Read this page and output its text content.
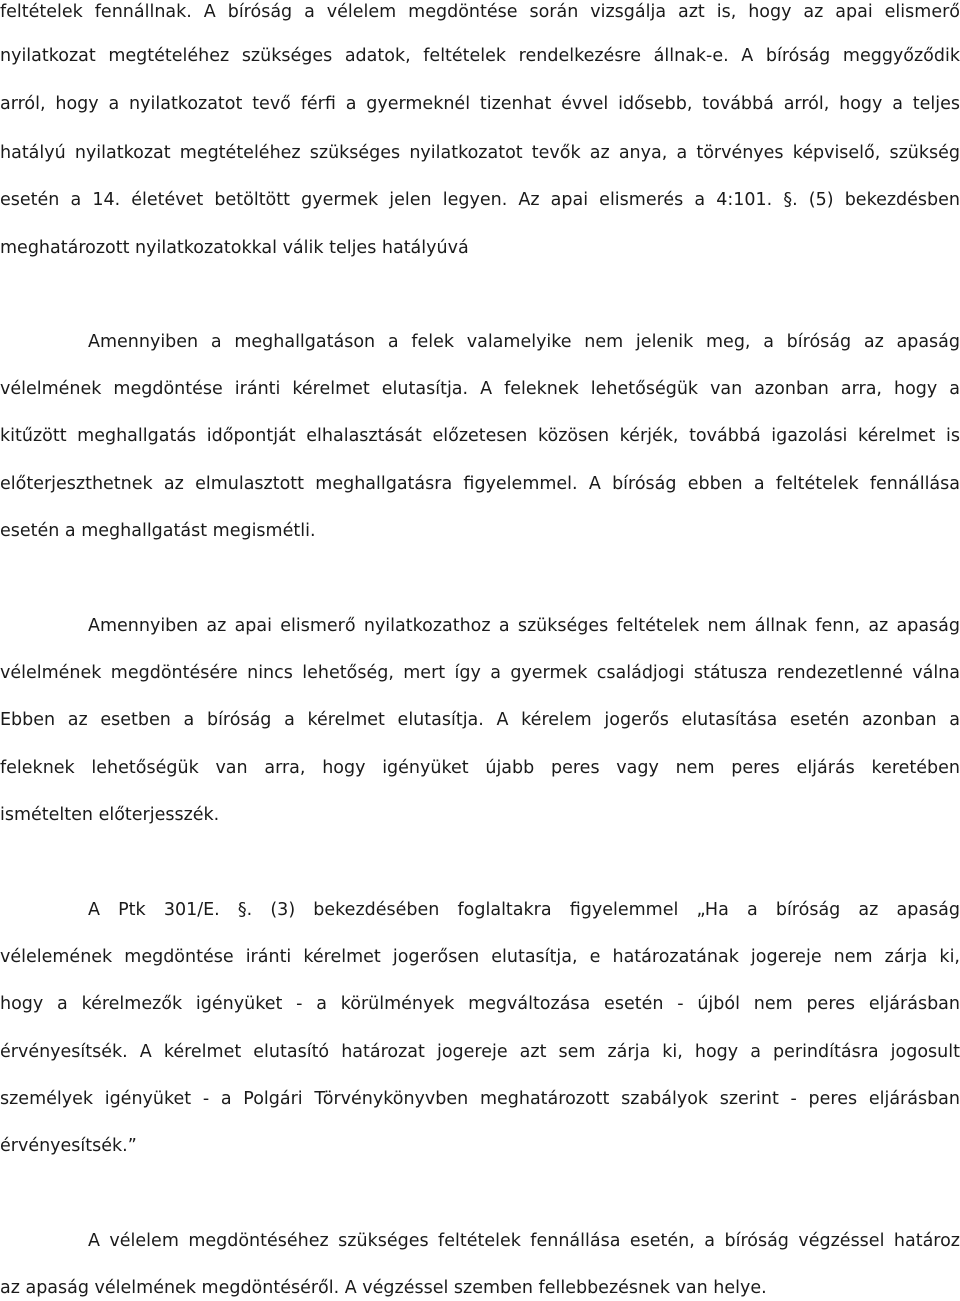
feltételek fennállnak. A bíróság a vélelem megdöntése során vizsgálja azt is, hogy az apai elismerő
nyilatkozat megtételéhez szükséges adatok, feltételek rendelkezésre állnak-e. A bíróság meggyőződik
arról, hogy a nyilatkozatot tevő férfi a gyermeknél tizenhat évvel idősebb, továbbá arról, hogy a teljes
hatályú nyilatkozat megtételéhez szükséges nyilatkozatot tevők az anya, a törvényes képviselő, szükség
esetén a 14. életévet betöltött gyermek jelen legyen. Az apai elismerés a 4:101. §. (5) bekezdésben
meghatározott nyilatkozatokkal válik teljes hatályúvá
Amennyiben a meghallgatáson a felek valamelyike nem jelenik meg, a bíróság az apaság
vélelmének megdöntése iránti kérelmet elutasítja. A feleknek lehetőségük van azonban arra, hogy a
kitűzött meghallgatás időpontját elhalasztását előzetesen közösen kérjék, továbbá igazolási kérelmet is
előterjeszthetnek az elmulasztott meghallgatásra figyelemmel. A bíróság ebben a feltételek fennállása
esetén a meghallgatást megismétli.
Amennyiben az apai elismerő nyilatkozathoz a szükséges feltételek nem állnak fenn, az apaság
vélelmének megdöntésére nincs lehetőség, mert így a gyermek családjogi státusza rendezetlenné válna
Ebben az esetben a bíróság a kérelmet elutasítja. A kérelem jogerős elutasítása esetén azonban a
feleknek lehetőségük van arra, hogy igényüket újabb peres vagy nem peres eljárás keretében
ismételten előterjesszék.
A Ptk 301/E. §. (3) bekezdésében foglaltakra figyelemmel „Ha a bíróság az apaság
vélelemének megdöntése iránti kérelmet jogerősen elutasítja, e határozatának jogereje nem zárja ki,
hogy a kérelmezők igényüket - a körülmények megváltozása esetén - újból nem peres eljárásban
érvényesítsék. A kérelmet elutasító határozat jogereje azt sem zárja ki, hogy a perindításra jogosult
személyek igényüket - a Polgári Törvénykönyvben meghatározott szabályok szerint - peres eljárásban
érvényesítsék.”
A vélelem megdöntéséhez szükséges feltételek fennállása esetén, a bíróság végzéssel határoz
az apaság vélelmének megdöntéséről. A végzéssel szemben fellebbezésnek van helye.
